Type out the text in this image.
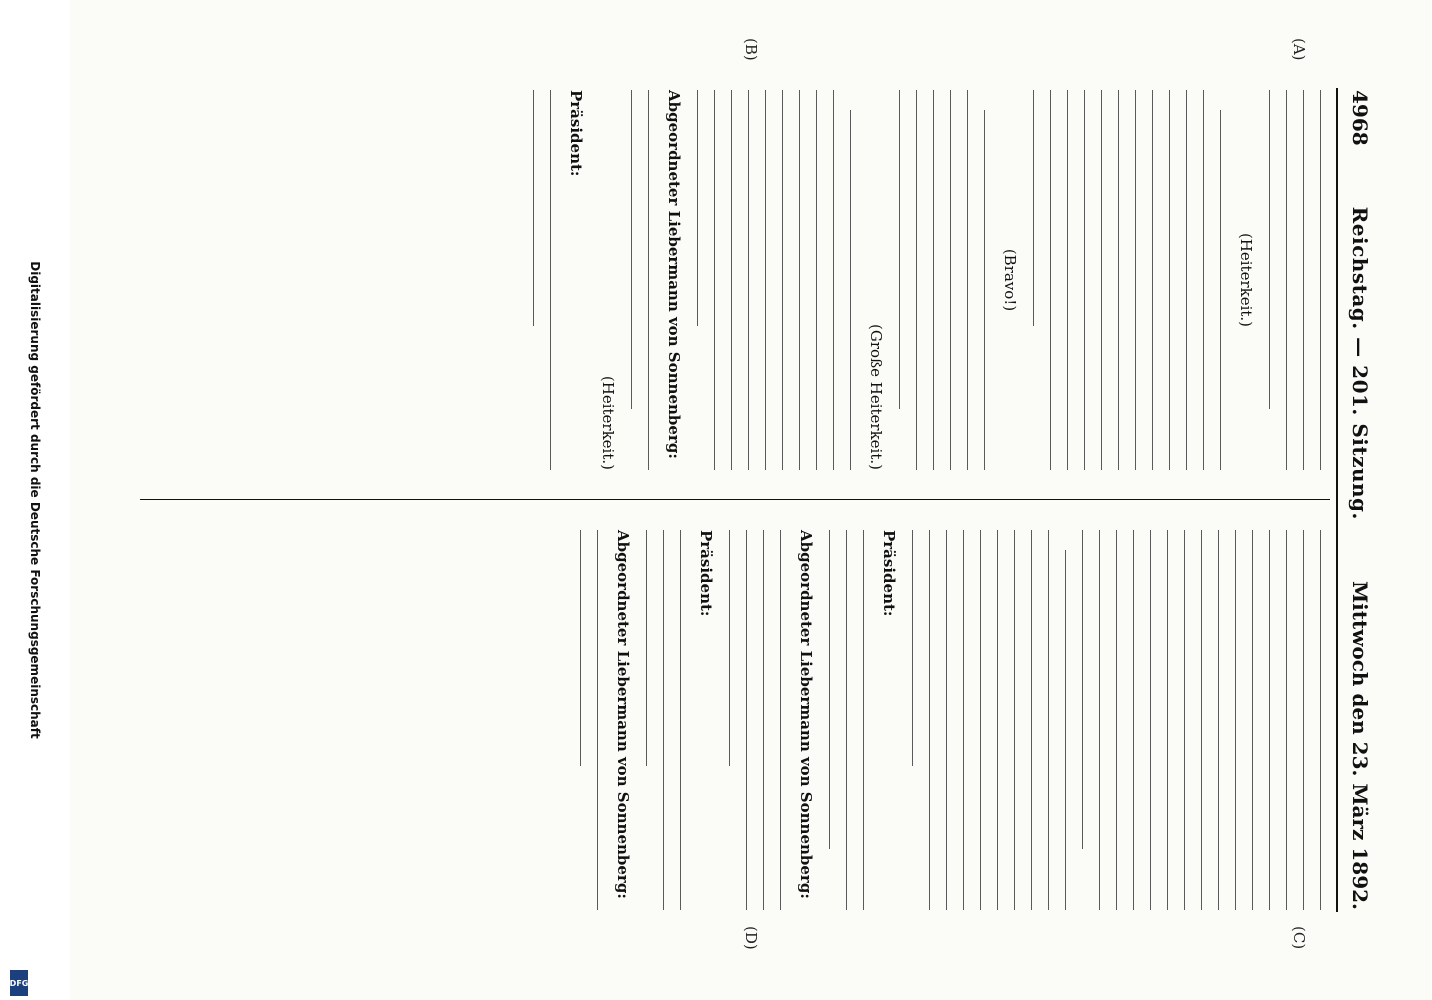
Digitalisierung gefördert durch die Deutsche Forschungsgemeinschaft
DFG
4968
Reichstag. — 201. Sitzung.
Mittwoch den 23. März 1892.
(A)
(B)
(C)
(D)
(Heiterkeit.)
(Bravo!)
(Große Heiterkeit.)
Abgeordneter Liebermann von Sonnenberg:
(Heiterkeit.)
Präsident:
Präsident:
Abgeordneter Liebermann von Sonnenberg:
Präsident:
Abgeordneter Liebermann von Sonnenberg:
